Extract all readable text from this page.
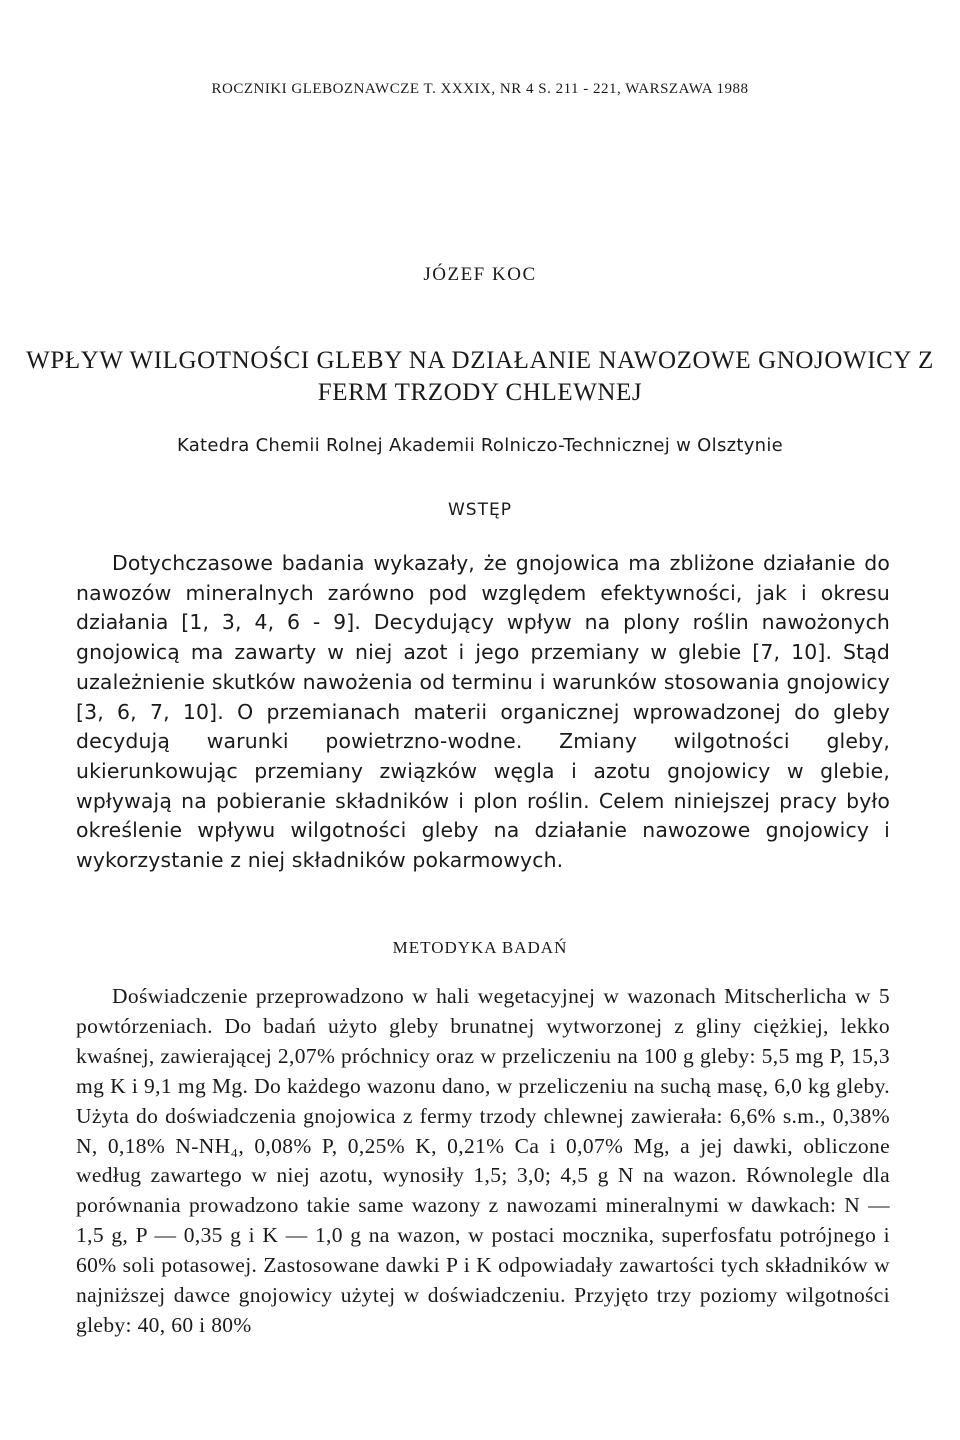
ROCZNIKI GLEBOZNAWCZE T. XXXIX, NR 4 S. 211 - 221, WARSZAWA 1988
JÓZEF KOC
WPŁYW WILGOTNOŚCI GLEBY NA DZIAŁANIE NAWOZOWE GNOJOWICY Z FERM TRZODY CHLEWNEJ
Katedra Chemii Rolnej Akademii Rolniczo-Technicznej w Olsztynie
WSTĘP

Dotychczasowe badania wykazały, że gnojowica ma zbliżone działanie do nawozów mineralnych zarówno pod względem efektywności, jak i okresu działania [1, 3, 4, 6 - 9]. Decydujący wpływ na plony roślin nawożonych gnojowicą ma zawarty w niej azot i jego przemiany w glebie [7, 10]. Stąd uzależnienie skutków nawożenia od terminu i warunków stosowania gnojowicy [3, 6, 7, 10]. O przemianach materii organicznej wprowadzonej do gleby decydują warunki powietrzno-wodne. Zmiany wilgotności gleby, ukierunkowując przemiany związków węgla i azotu gnojowicy w glebie, wpływają na pobieranie składników i plon roślin. Celem niniejszej pracy było określenie wpływu wilgotności gleby na działanie nawozowe gnojowicy i wykorzystanie z niej składników pokarmowych.

METODYKA BADAŃ

Doświadczenie przeprowadzono w hali wegetacyjnej w wazonach Mitscherlicha w 5 powtórzeniach. Do badań użyto gleby brunatnej wytworzonej z gliny ciężkiej, lekko kwaśnej, zawierającej 2,07% próchnicy oraz w przeliczeniu na 100 g gleby: 5,5 mg P, 15,3 mg K i 9,1 mg Mg. Do każdego wazonu dano, w przeliczeniu na suchą masę, 6,0 kg gleby. Użyta do doświadczenia gnojowica z fermy trzody chlewnej zawierała: 6,6% s.m., 0,38% N, 0,18% N-NH₄, 0,08% P, 0,25% K, 0,21% Ca i 0,07% Mg, a jej dawki, obliczone według zawartego w niej azotu, wynosiły 1,5; 3,0; 4,5 g N na wazon. Równolegle dla porównania prowadzono takie same wazony z nawozami mineralnymi w dawkach: N — 1,5 g, P — 0,35 g i K — 1,0 g na wazon, w postaci mocznika, superfosfatu potrójnego i 60% soli potasowej. Zastosowane dawki P i K odpowiadały zawartości tych składników w najniższej dawce gnojowicy użytej w doświadczeniu. Przyjęto trzy poziomy wilgotności gleby: 40, 60 i 80%
